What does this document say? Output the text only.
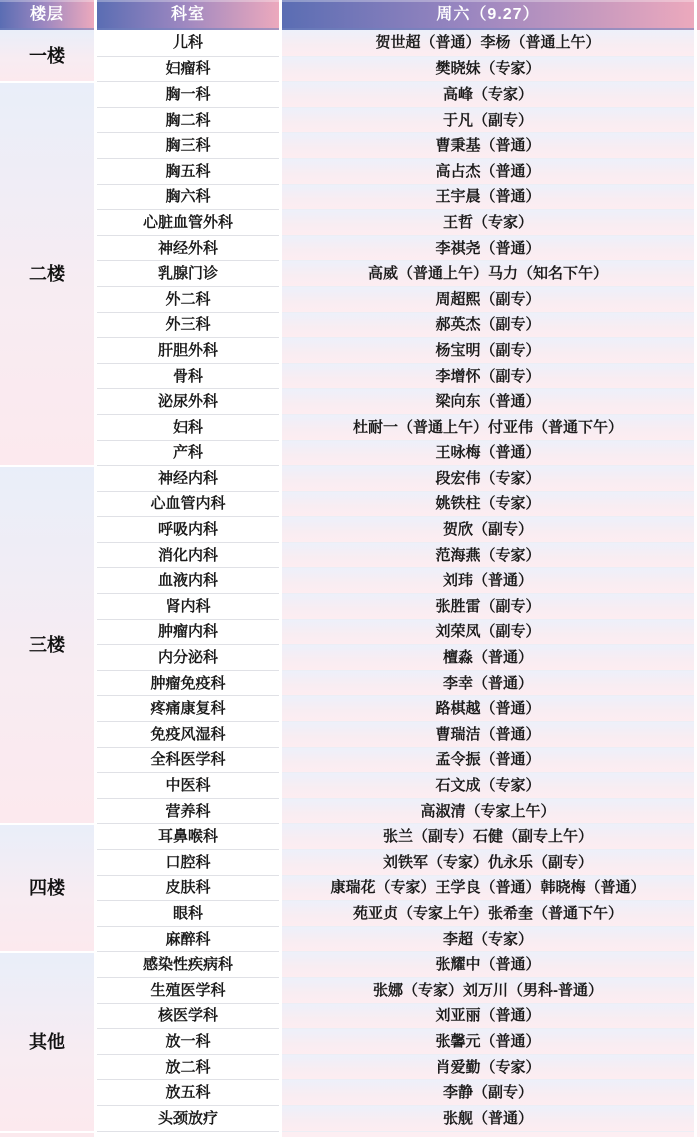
楼层	科室	周六（9.27）
一楼
儿科	贺世超（普通）李杨（普通上午）
妇瘤科	樊晓妹（专家）
二楼
胸一科	高峰（专家）
胸二科	于凡（副专）
胸三科	曹秉基（普通）
胸五科	高占杰（普通）
胸六科	王宇晨（普通）
心脏血管外科	王哲（专家）
神经外科	李祺尧（普通）
乳腺门诊	高威（普通上午）马力（知名下午）
外二科	周超熙（副专）
外三科	郝英杰（副专）
肝胆外科	杨宝明（副专）
骨科	李增怀（副专）
泌尿外科	梁向东（普通）
妇科	杜耐一（普通上午）付亚伟（普通下午）
产科	王咏梅（普通）
三楼
神经内科	段宏伟（专家）
心血管内科	姚铁柱（专家）
呼吸内科	贺欣（副专）
消化内科	范海燕（专家）
血液内科	刘玮（普通）
肾内科	张胜雷（副专）
肿瘤内科	刘荣凤（副专）
内分泌科	檀淼（普通）
肿瘤免疫科	李幸（普通）
疼痛康复科	路棋越（普通）
免疫风湿科	曹瑞洁（普通）
全科医学科	孟令振（普通）
中医科	石文成（专家）
营养科	高淑清（专家上午）
四楼
耳鼻喉科	张兰（副专）石健（副专上午）
口腔科	刘铁军（专家）仇永乐（副专）
皮肤科	康瑞花（专家）王学良（普通）韩晓梅（普通）
眼科	苑亚贞（专家上午）张希奎（普通下午）
麻醉科	李超（专家）
其他
感染性疾病科	张耀中（普通）
生殖医学科	张娜（专家）刘万川（男科-普通）
核医学科	刘亚丽（普通）
放一科	张馨元（普通）
放二科	肖爱勤（专家）
放五科	李静（副专）
头颈放疗	张舰（普通）
